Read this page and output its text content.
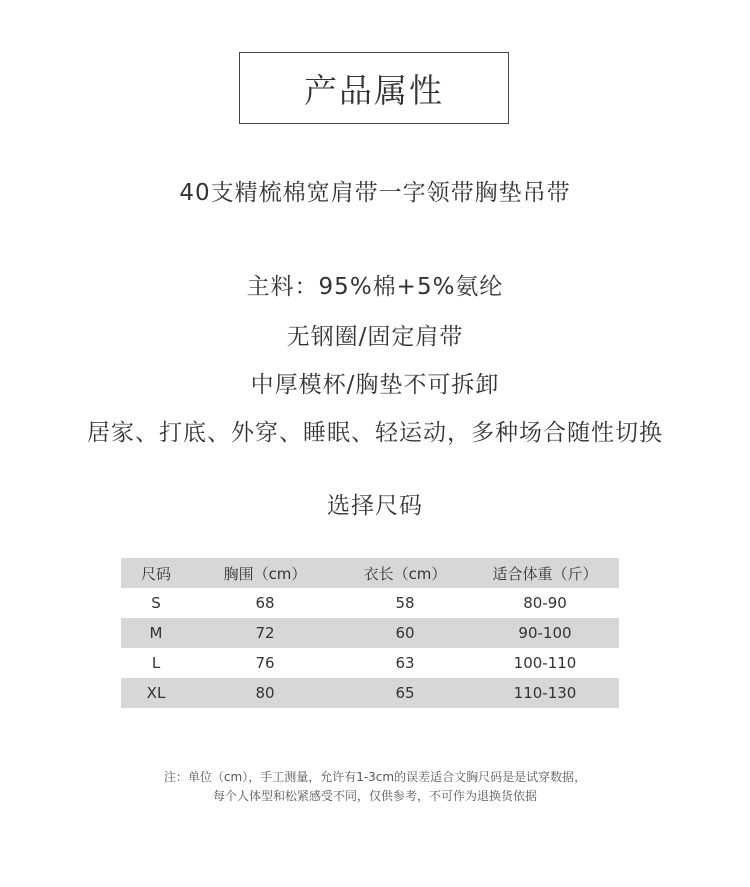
产品属性
40支精梳棉宽肩带一字领带胸垫吊带
主料：95%棉+5%氨纶
无钢圈/固定肩带
中厚模杯/胸垫不可拆卸
居家、打底、外穿、睡眠、轻运动，多种场合随性切换
选择尺码
尺码	胸围（cm）	衣长（cm）	适合体重（斤）
S	68	58	80-90
M	72	60	90-100
L	76	63	100-110
XL	80	65	110-130
注：单位（cm），手工测量，允许有1-3cm的误差适合文胸尺码是是试穿数据，
每个人体型和松紧感受不同，仅供参考，不可作为退换货依据
